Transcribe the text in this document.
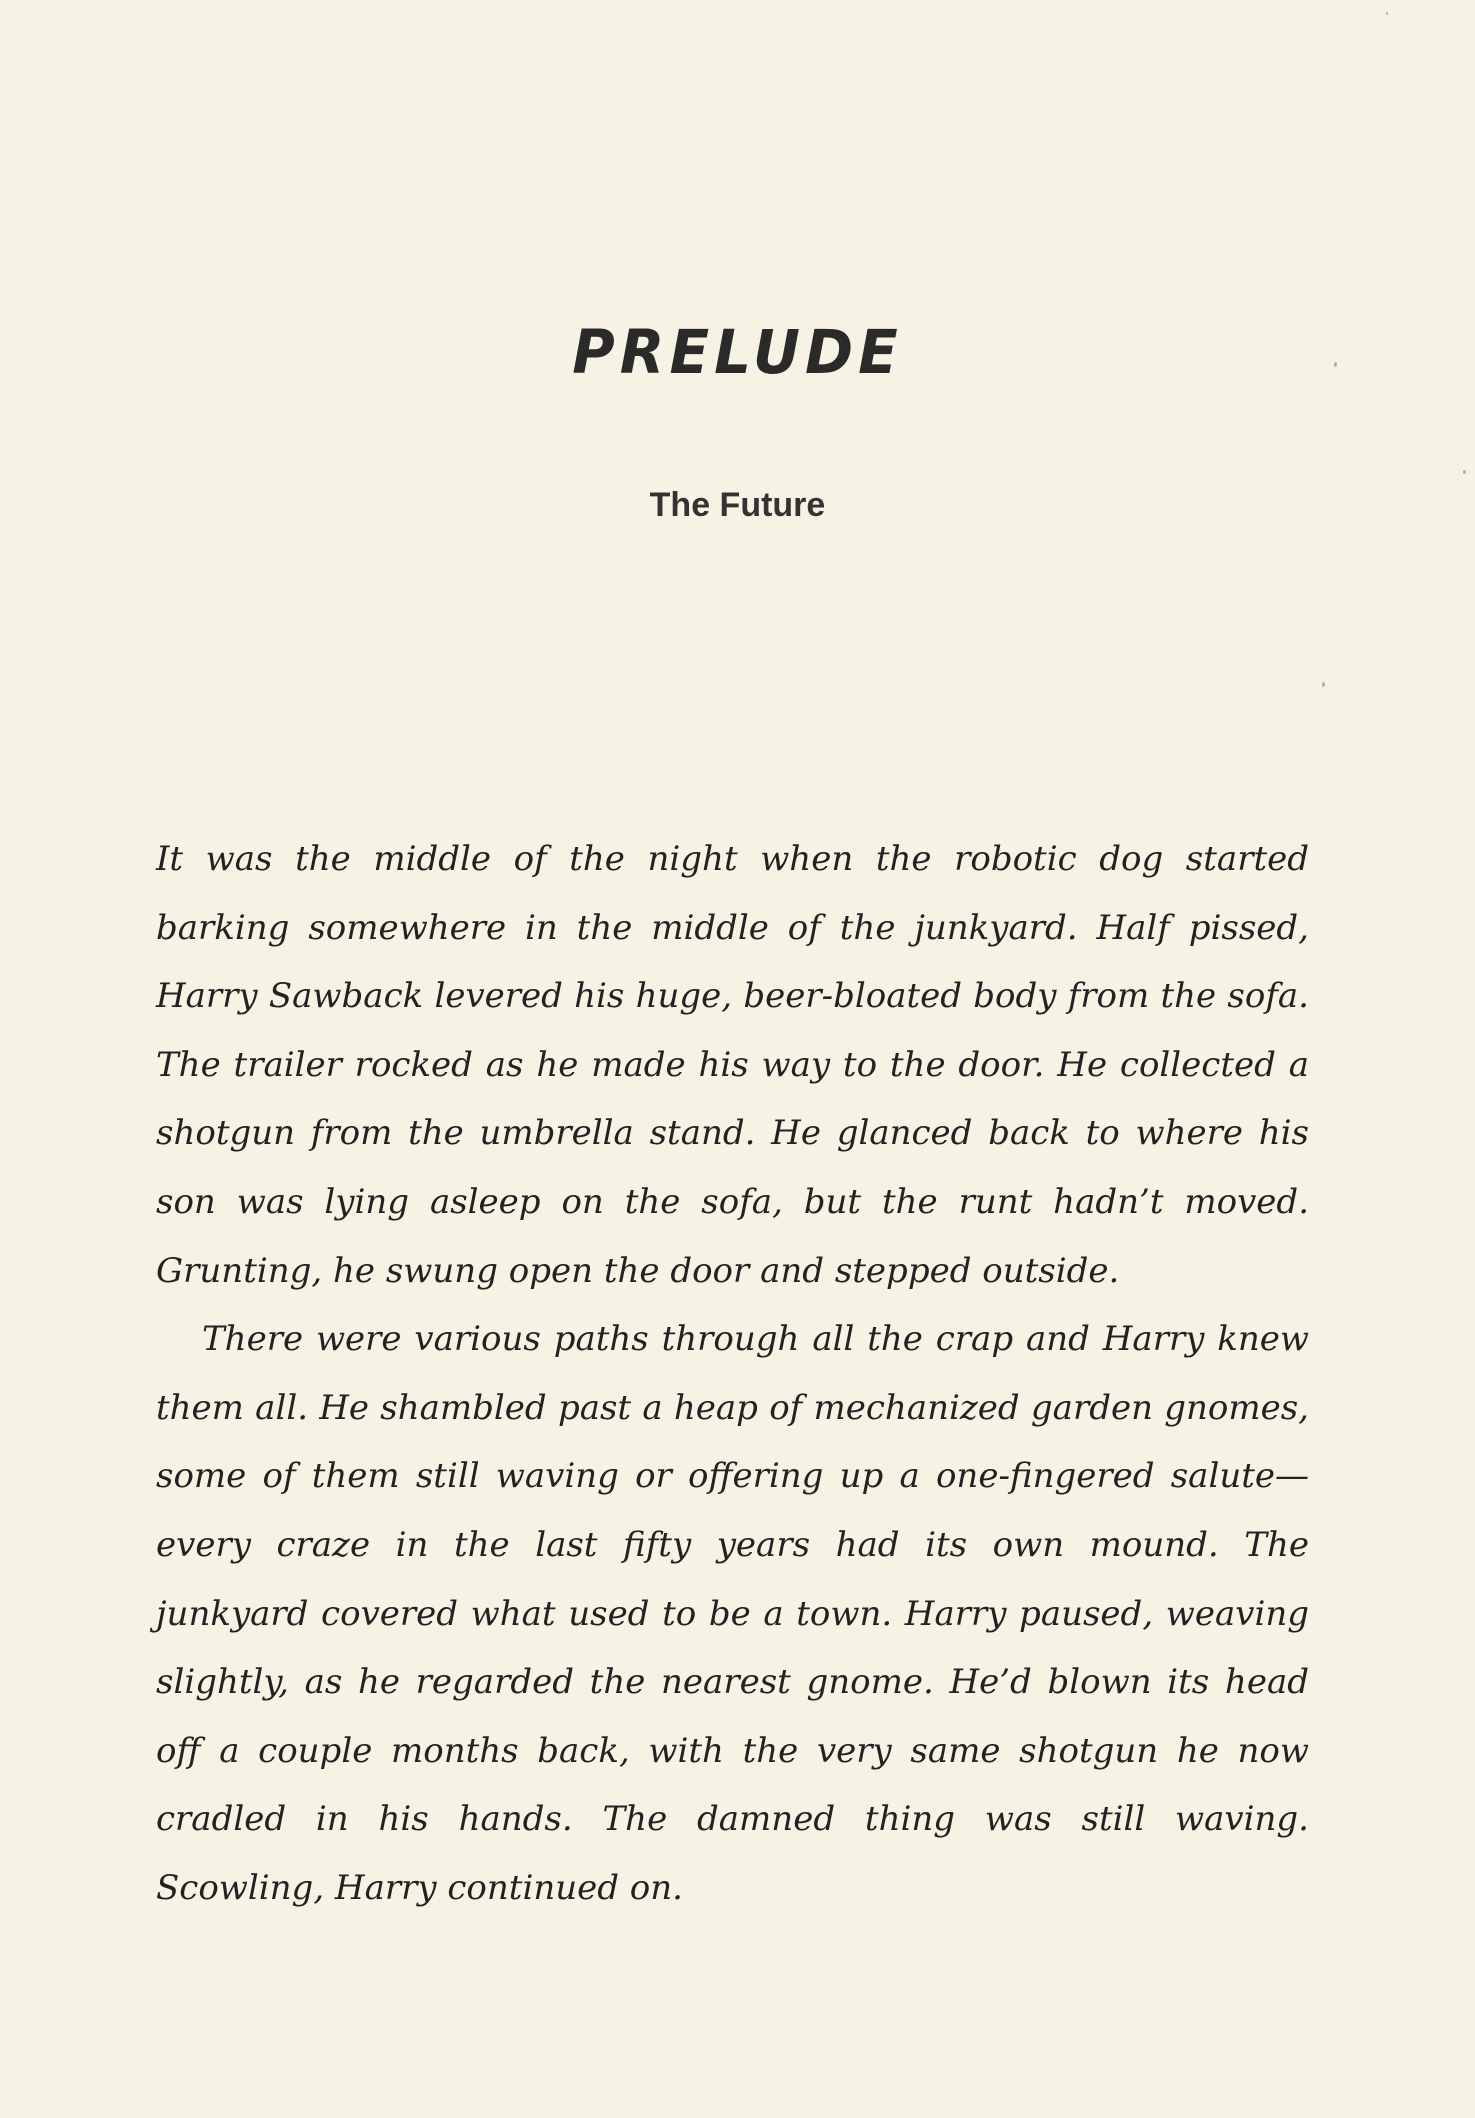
PRELUDE
The Future

It was the middle of the night when the robotic dog started barking somewhere in the middle of the junkyard. Half pissed, Harry Sawback levered his huge, beer-bloated body from the sofa. The trailer rocked as he made his way to the door. He collected a shotgun from the umbrella stand. He glanced back to where his son was lying asleep on the sofa, but the runt hadn’t moved. Grunting, he swung open the door and stepped outside.

There were various paths through all the crap and Harry knew them all. He shambled past a heap of mechanized garden gnomes, some of them still waving or offering up a one-fingered salute—every craze in the last fifty years had its own mound. The junkyard covered what used to be a town. Harry paused, weaving slightly, as he regarded the nearest gnome. He’d blown its head off a couple months back, with the very same shotgun he now cradled in his hands. The damned thing was still waving. Scowling, Harry continued on.
